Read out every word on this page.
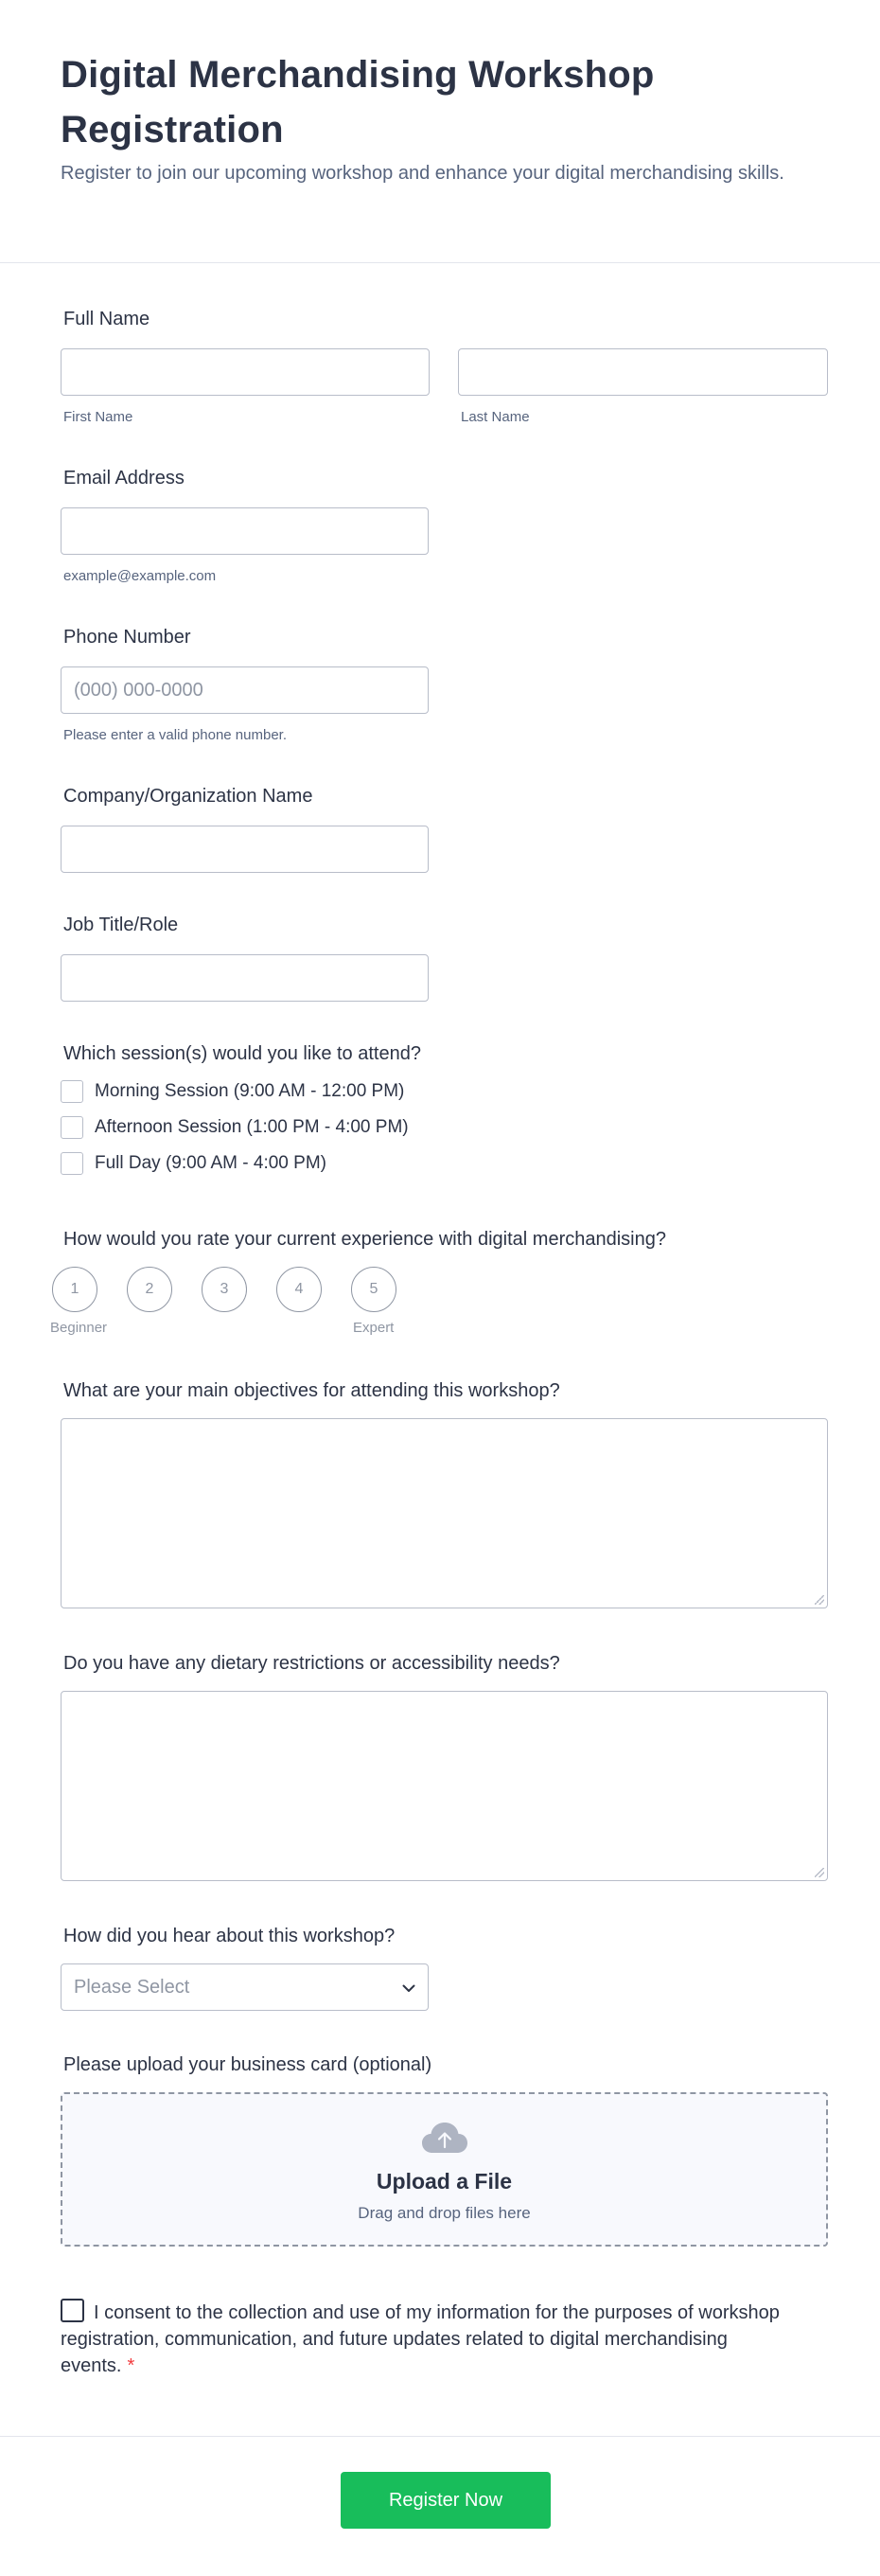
Digital Merchandising Workshop Registration
Register to join our upcoming workshop and enhance your digital merchandising skills.
Full Name
First Name	Last Name
Email Address
example@example.com
Phone Number
(000) 000-0000
Please enter a valid phone number.
Company/Organization Name
Job Title/Role
Which session(s) would you like to attend?
Morning Session (9:00 AM - 12:00 PM)
Afternoon Session (1:00 PM - 4:00 PM)
Full Day (9:00 AM - 4:00 PM)
How would you rate your current experience with digital merchandising?
1
Beginner
2	3	4	5
Expert
What are your main objectives for attending this workshop?
Do you have any dietary restrictions or accessibility needs?
How did you hear about this workshop?
Please Select
Please upload your business card (optional)
Upload a File
Drag and drop files here
I consent to the collection and use of my information for the purposes of workshop registration, communication, and future updates related to digital merchandising events. *
Register Now
